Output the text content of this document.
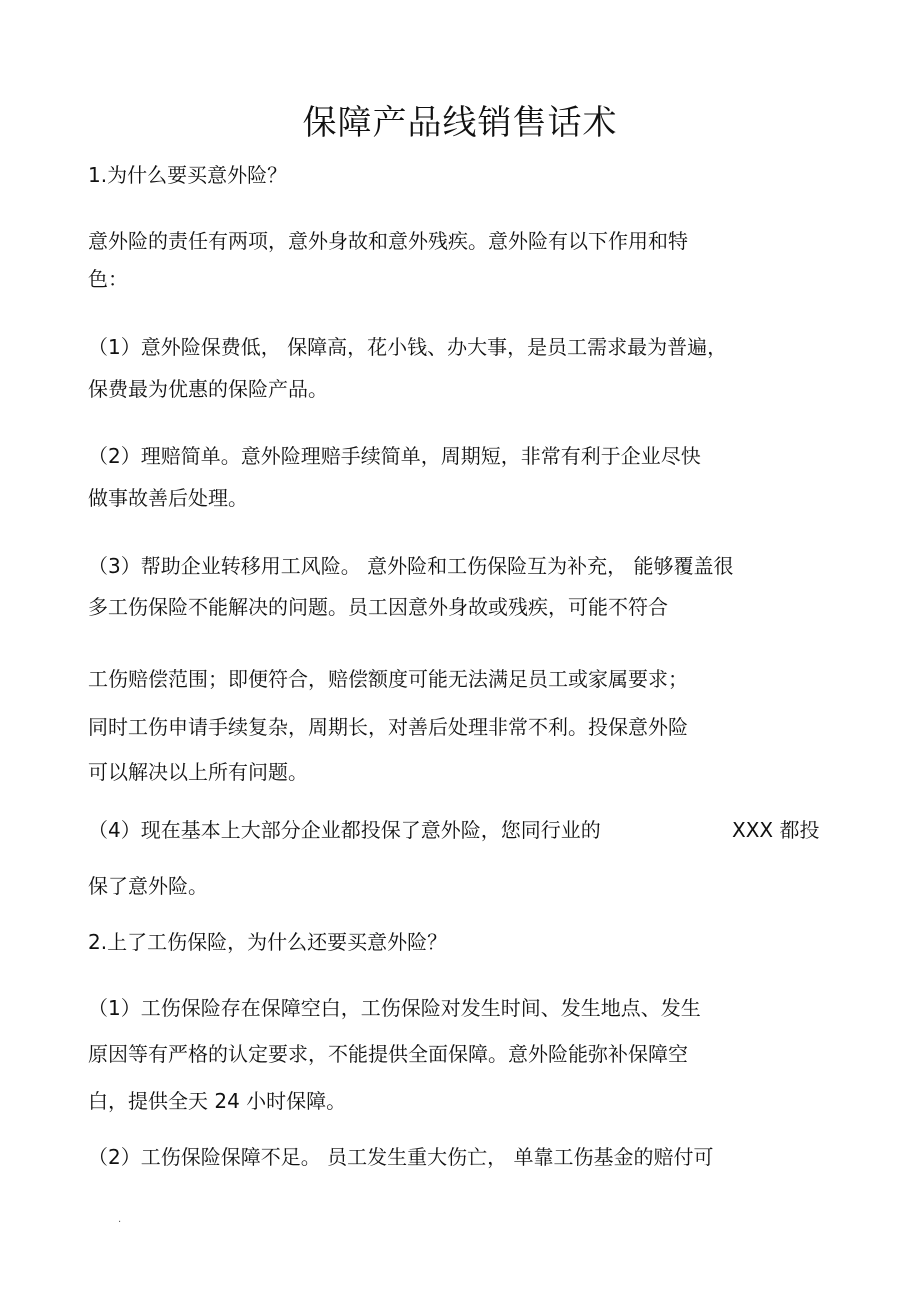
保障产品线销售话术

1.为什么要买意外险？

意外险的责任有两项，意外身故和意外残疾。意外险有以下作用和特

色：

（1）意外险保费低， 保障高，花小钱、办大事，是员工需求最为普遍，

保费最为优惠的保险产品。

（2）理赔简单。意外险理赔手续简单，周期短，非常有利于企业尽快

做事故善后处理。

（3）帮助企业转移用工风险。 意外险和工伤保险互为补充， 能够覆盖很

多工伤保险不能解决的问题。员工因意外身故或残疾，可能不符合

工伤赔偿范围；即便符合，赔偿额度可能无法满足员工或家属要求；

同时工伤申请手续复杂，周期长，对善后处理非常不利。投保意外险

可以解决以上所有问题。

（4）现在基本上大部分企业都投保了意外险，您同行业的	XXX 都投

保了意外险。

2.上了工伤保险，为什么还要买意外险？

（1）工伤保险存在保障空白，工伤保险对发生时间、发生地点、发生

原因等有严格的认定要求，不能提供全面保障。意外险能弥补保障空

白，提供全天 24 小时保障。

（2）工伤保险保障不足。 员工发生重大伤亡， 单靠工伤基金的赔付可

.
